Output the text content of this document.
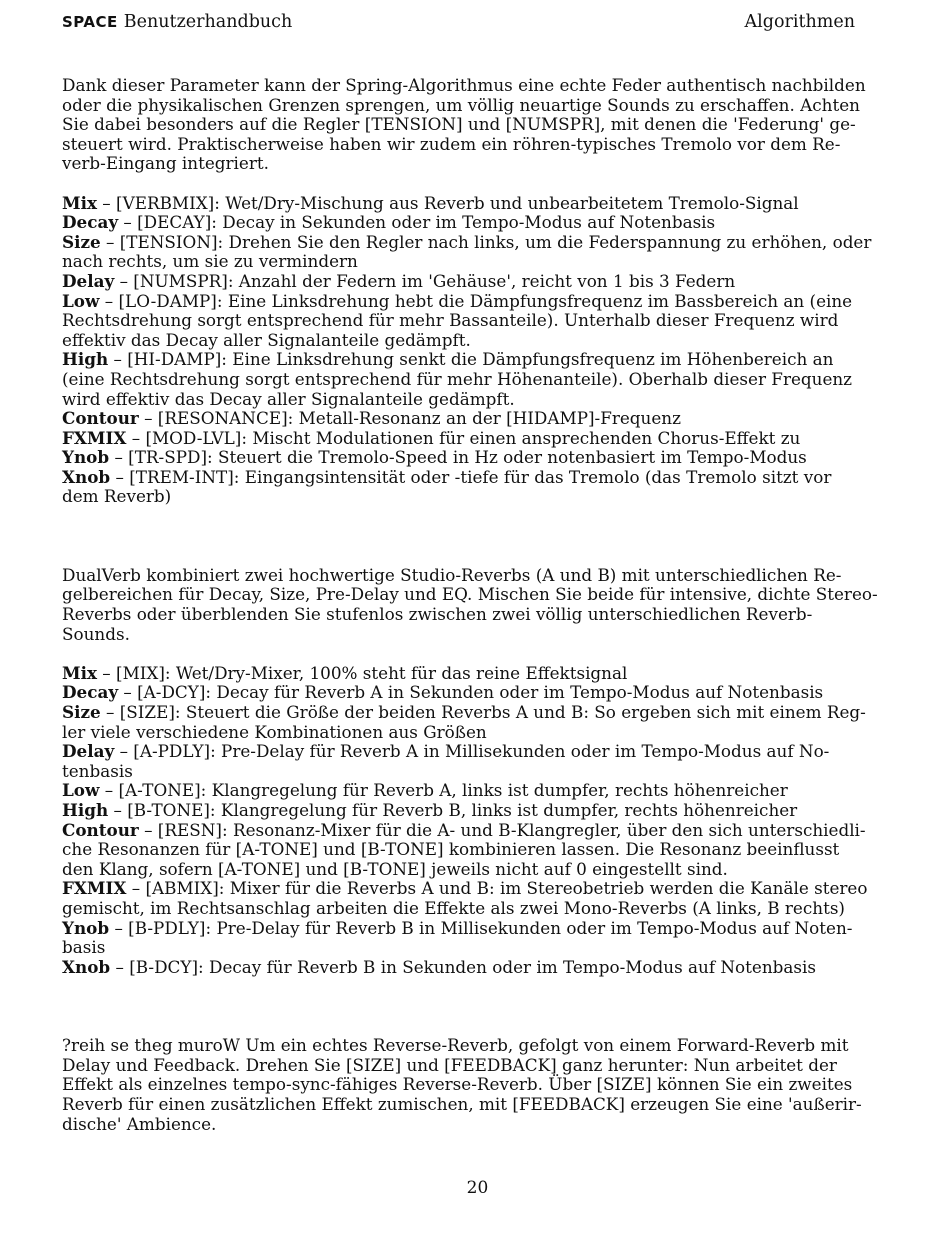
SPACE Benutzerhandbuch	Algorithmen
Dank dieser Parameter kann der Spring-Algorithmus eine echte Feder authentisch nachbilden
oder die physikalischen Grenzen sprengen, um völlig neuartige Sounds zu erschaffen. Achten
Sie dabei besonders auf die Regler [TENSION] und [NUMSPR], mit denen die 'Federung' ge-
steuert wird. Praktischerweise haben wir zudem ein röhren-typisches Tremolo vor dem Re-
verb-Eingang integriert.
Mix – [VERBMIX]: Wet/Dry-Mischung aus Reverb und unbearbeitetem Tremolo-Signal
Decay – [DECAY]: Decay in Sekunden oder im Tempo-Modus auf Notenbasis
Size – [TENSION]: Drehen Sie den Regler nach links, um die Federspannung zu erhöhen, oder
nach rechts, um sie zu vermindern
Delay – [NUMSPR]: Anzahl der Federn im 'Gehäuse', reicht von 1 bis 3 Federn
Low – [LO-DAMP]: Eine Linksdrehung hebt die Dämpfungsfrequenz im Bassbereich an (eine
Rechtsdrehung sorgt entsprechend für mehr Bassanteile). Unterhalb dieser Frequenz wird
effektiv das Decay aller Signalanteile gedämpft.
High – [HI-DAMP]: Eine Linksdrehung senkt die Dämpfungsfrequenz im Höhenbereich an
(eine Rechtsdrehung sorgt entsprechend für mehr Höhenanteile). Oberhalb dieser Frequenz
wird effektiv das Decay aller Signalanteile gedämpft.
Contour – [RESONANCE]: Metall-Resonanz an der [HIDAMP]-Frequenz
FXMIX – [MOD-LVL]: Mischt Modulationen für einen ansprechenden Chorus-Effekt zu
Ynob – [TR-SPD]: Steuert die Tremolo-Speed in Hz oder notenbasiert im Tempo-Modus
Xnob – [TREM-INT]: Eingangsintensität oder -tiefe für das Tremolo (das Tremolo sitzt vor
dem Reverb)
DualVerb kombiniert zwei hochwertige Studio-Reverbs (A und B) mit unterschiedlichen Re-
gelbereichen für Decay, Size, Pre-Delay und EQ. Mischen Sie beide für intensive, dichte Stereo-
Reverbs oder überblenden Sie stufenlos zwischen zwei völlig unterschiedlichen Reverb-
Sounds.
Mix – [MIX]: Wet/Dry-Mixer, 100% steht für das reine Effektsignal
Decay – [A-DCY]: Decay für Reverb A in Sekunden oder im Tempo-Modus auf Notenbasis
Size – [SIZE]: Steuert die Größe der beiden Reverbs A und B: So ergeben sich mit einem Reg-
ler viele verschiedene Kombinationen aus Größen
Delay – [A-PDLY]: Pre-Delay für Reverb A in Millisekunden oder im Tempo-Modus auf No-
tenbasis
Low – [A-TONE]: Klangregelung für Reverb A, links ist dumpfer, rechts höhenreicher
High – [B-TONE]: Klangregelung für Reverb B, links ist dumpfer, rechts höhenreicher
Contour – [RESN]: Resonanz-Mixer für die A- und B-Klangregler, über den sich unterschiedli-
che Resonanzen für [A-TONE] und [B-TONE] kombinieren lassen. Die Resonanz beeinflusst
den Klang, sofern [A-TONE] und [B-TONE] jeweils nicht auf 0 eingestellt sind.
FXMIX – [ABMIX]: Mixer für die Reverbs A und B: im Stereobetrieb werden die Kanäle stereo
gemischt, im Rechtsanschlag arbeiten die Effekte als zwei Mono-Reverbs (A links, B rechts)
Ynob – [B-PDLY]: Pre-Delay für Reverb B in Millisekunden oder im Tempo-Modus auf Noten-
basis
Xnob – [B-DCY]: Decay für Reverb B in Sekunden oder im Tempo-Modus auf Notenbasis
?reih se theg muroW Um ein echtes Reverse-Reverb, gefolgt von einem Forward-Reverb mit
Delay und Feedback. Drehen Sie [SIZE] und [FEEDBACK] ganz herunter: Nun arbeitet der
Effekt als einzelnes tempo-sync-fähiges Reverse-Reverb. Über [SIZE] können Sie ein zweites
Reverb für einen zusätzlichen Effekt zumischen, mit [FEEDBACK] erzeugen Sie eine 'außerir-
dische' Ambience.
20
